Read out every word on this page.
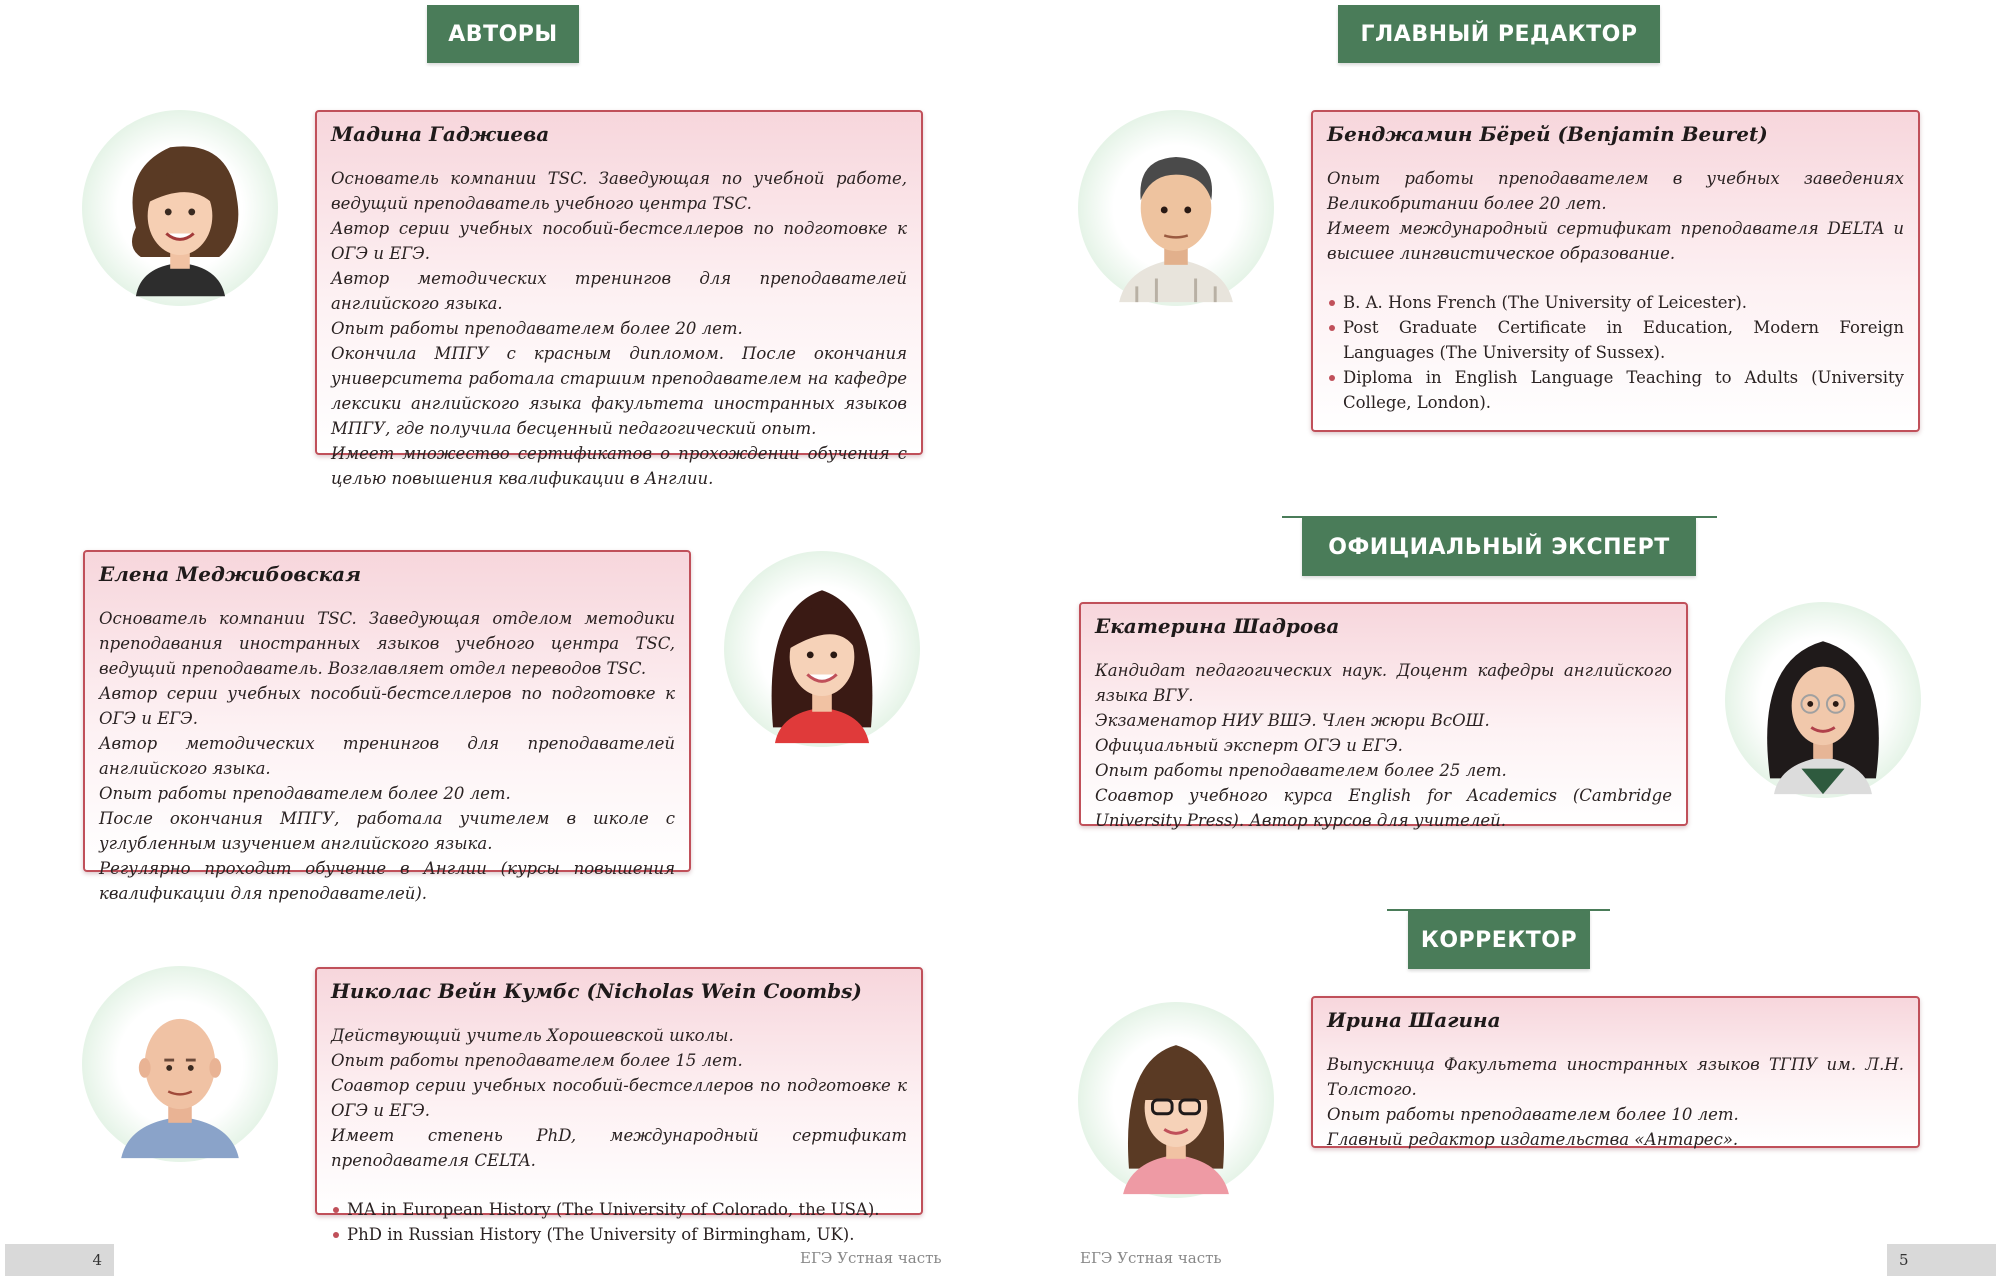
АВТОРЫ	ГЛАВНЫЙ РЕДАКТОР
ОФИЦИАЛЬНЫЙ ЭКСПЕРТ
КОРРЕКТОР
Мадина Гаджиева
Основатель компании TSC. Заведующая по учебной работе, ведущий преподаватель учебного центра TSC.
Автор серии учебных пособий-бестселлеров по подготовке к ОГЭ и ЕГЭ.
Автор методических тренингов для преподавателей английского языка.
Опыт работы преподавателем более 20 лет.
Окончила МПГУ с красным дипломом. После окончания университета работала старшим преподавателем на кафедре лексики английского языка факультета иностранных языков МПГУ, где получила бесценный педагогический опыт.
Имеет множество сертификатов о прохождении обучения с целью повышения квалификации в Англии.
Елена Меджибовская
Основатель компании TSC. Заведующая отделом методики преподавания иностранных языков учебного центра TSC, ведущий преподаватель. Возглавляет отдел переводов TSC.
Автор серии учебных пособий-бестселлеров по подготовке к ОГЭ и ЕГЭ.
Автор методических тренингов для преподавателей английского языка.
Опыт работы преподавателем более 20 лет.
После окончания МПГУ, работала учителем в школе с углубленным изучением английского языка.
Регулярно проходит обучение в Англии (курсы повышения квалификации для преподавателей).
Николас Вейн Кумбс (Nicholas Wein Coombs)
Действующий учитель Хорошевской школы.
Опыт работы преподавателем более 15 лет.
Соавтор серии учебных пособий-бестселлеров по подготовке к ОГЭ и ЕГЭ.
Имеет степень PhD, международный сертификат преподавателя CELTA.
MA in European History (The University of Colorado, the USA).
PhD in Russian History (The University of Birmingham, UK).
Бенджамин Бёрей (Benjamin Beuret)
Опыт работы преподавателем в учебных заведениях Великобритании более 20 лет.
Имеет международный сертификат преподавателя DELTA и высшее лингвистическое образование.
B. A. Hons French (The University of Leicester).
Post Graduate Certificate in Education, Modern Foreign Languages (The University of Sussex).
Diploma in English Language Teaching to Adults (University College, London).
Екатерина Шадрова
Кандидат педагогических наук. Доцент кафедры английского языка ВГУ.
Экзаменатор НИУ ВШЭ. Член жюри ВсОШ.
Официальный эксперт ОГЭ и ЕГЭ.
Опыт работы преподавателем более 25 лет.
Соавтор учебного курса English for Academics (Cambridge University Press). Автор курсов для учителей.
Ирина Шагина
Выпускница Факультета иностранных языков ТГПУ им. Л.Н. Толстого.
Опыт работы преподавателем более 10 лет.
Главный редактор издательства «Антарес».
4	ЕГЭ Устная часть	ЕГЭ Устная часть	5
